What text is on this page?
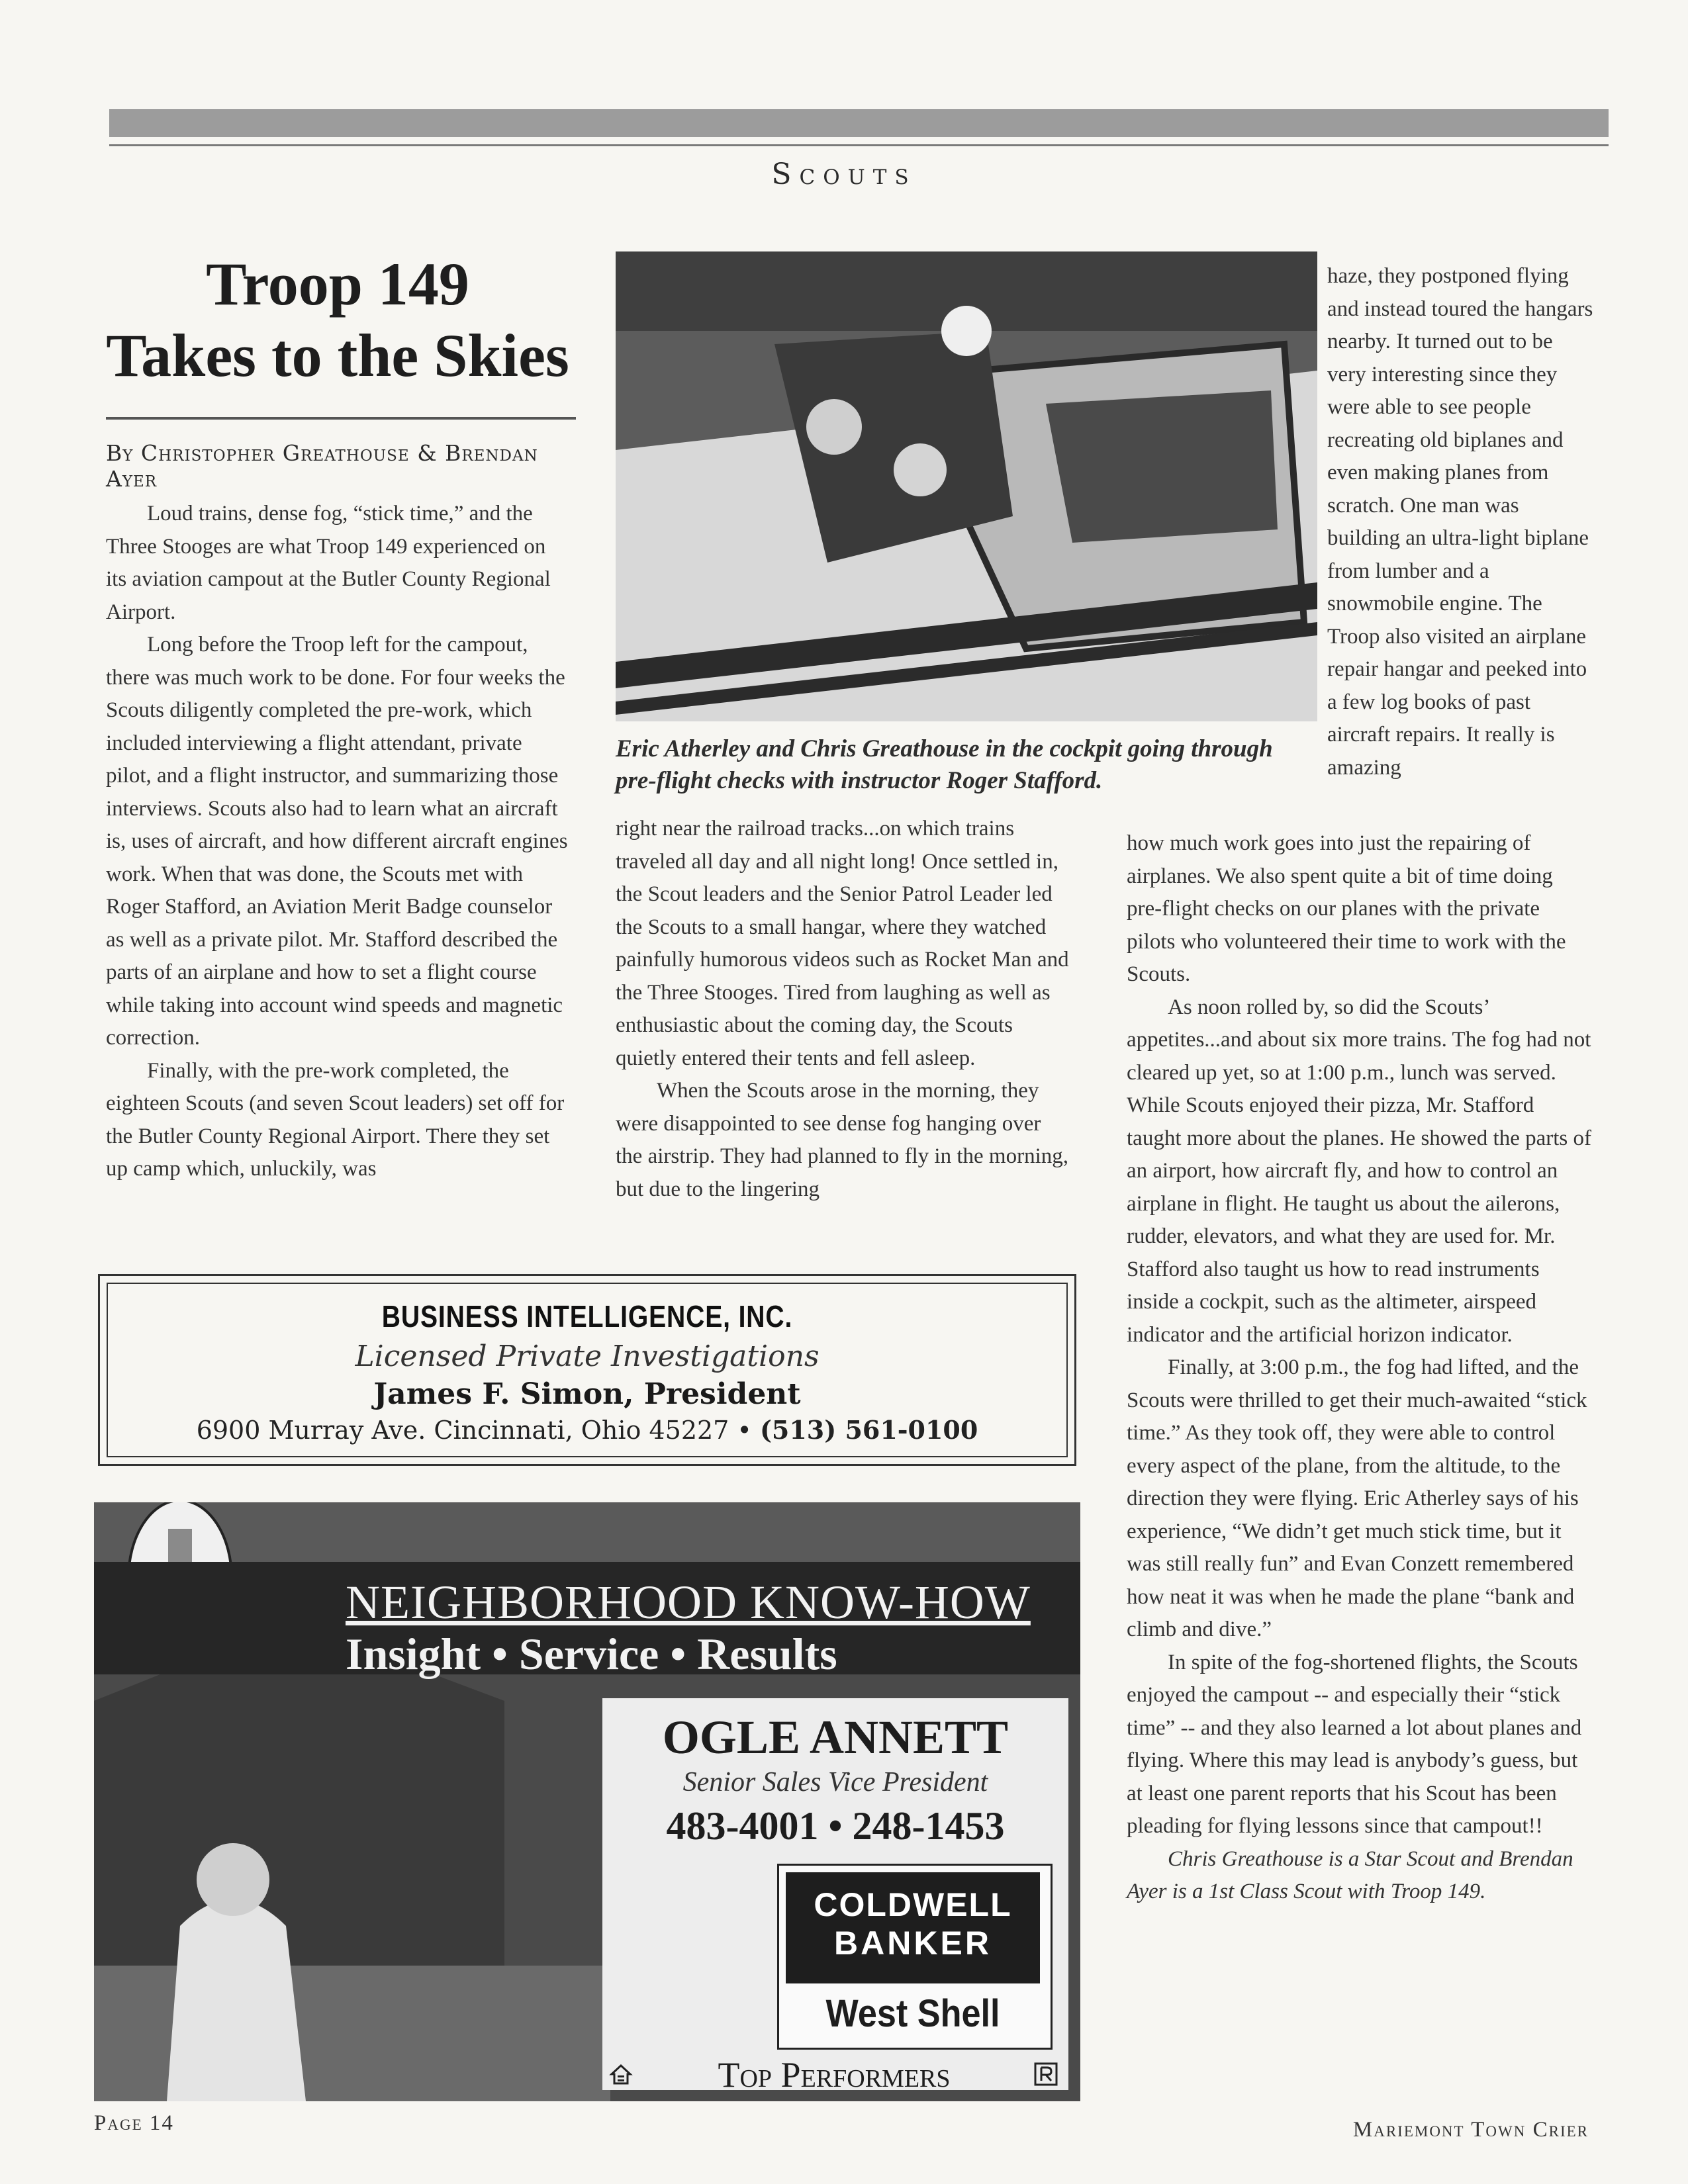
Scouts
Troop 149
Takes to the Skies
By Christopher Greathouse & Brendan Ayer

Loud trains, dense fog, “stick time,” and the Three Stooges are what Troop 149 experienced on its aviation campout at the Butler County Regional Airport.

Long before the Troop left for the campout, there was much work to be done. For four weeks the Scouts diligently completed the pre-work, which included interviewing a flight attendant, private pilot, and a flight instructor, and summarizing those interviews. Scouts also had to learn what an aircraft is, uses of aircraft, and how different aircraft engines work. When that was done, the Scouts met with Roger Stafford, an Aviation Merit Badge counselor as well as a private pilot. Mr. Stafford described the parts of an airplane and how to set a flight course while taking into account wind speeds and magnetic correction.

Finally, with the pre-work completed, the eighteen Scouts (and seven Scout leaders) set off for the Butler County Regional Airport. There they set up camp which, unluckily, was

Eric Atherley and Chris Greathouse in the cockpit going through pre-flight checks with instructor Roger Stafford.

right near the railroad tracks...on which trains traveled all day and all night long! Once settled in, the Scout leaders and the Senior Patrol Leader led the Scouts to a small hangar, where they watched painfully humorous videos such as Rocket Man and the Three Stooges. Tired from laughing as well as enthusiastic about the coming day, the Scouts quietly entered their tents and fell asleep.

When the Scouts arose in the morning, they were disappointed to see dense fog hanging over the airstrip. They had planned to fly in the morning, but due to the lingering

haze, they postponed flying and instead toured the hangars nearby. It turned out to be very interesting since they were able to see people recreating old biplanes and even making planes from scratch. One man was building an ultra-light biplane from lumber and a snowmobile engine. The Troop also visited an airplane repair hangar and peeked into a few log books of past aircraft repairs. It really is amazing

how much work goes into just the repairing of airplanes. We also spent quite a bit of time doing pre-flight checks on our planes with the private pilots who volunteered their time to work with the Scouts.

As noon rolled by, so did the Scouts’ appetites...and about six more trains. The fog had not cleared up yet, so at 1:00 p.m., lunch was served. While Scouts enjoyed their pizza, Mr. Stafford taught more about the planes. He showed the parts of an airport, how aircraft fly, and how to control an airplane in flight. He taught us about the ailerons, rudder, elevators, and what they are used for. Mr. Stafford also taught us how to read instruments inside a cockpit, such as the altimeter, airspeed indicator and the artificial horizon indicator.

Finally, at 3:00 p.m., the fog had lifted, and the Scouts were thrilled to get their much-awaited “stick time.” As they took off, they were able to control every aspect of the plane, from the altitude, to the direction they were flying. Eric Atherley says of his experience, “We didn’t get much stick time, but it was still really fun” and Evan Conzett remembered how neat it was when he made the plane “bank and climb and dive.”

In spite of the fog-shortened flights, the Scouts enjoyed the campout -- and especially their “stick time” -- and they also learned a lot about planes and flying. Where this may lead is anybody’s guess, but at least one parent reports that his Scout has been pleading for flying lessons since that campout!!

Chris Greathouse is a Star Scout and Brendan Ayer is a 1st Class Scout with Troop 149.

BUSINESS INTELLIGENCE, INC.
Licensed Private Investigations
James F. Simon, President
6900 Murray Ave. Cincinnati, Ohio 45227 • (513) 561-0100
NEIGHBORHOOD KNOW-HOW
Insight • Service • Results
OGLE ANNETT
Senior Sales Vice President
483-4001 • 248-1453
COLDWELL
BANKER
West Shell
Top Performers
Page 14	Mariemont Town Crier
